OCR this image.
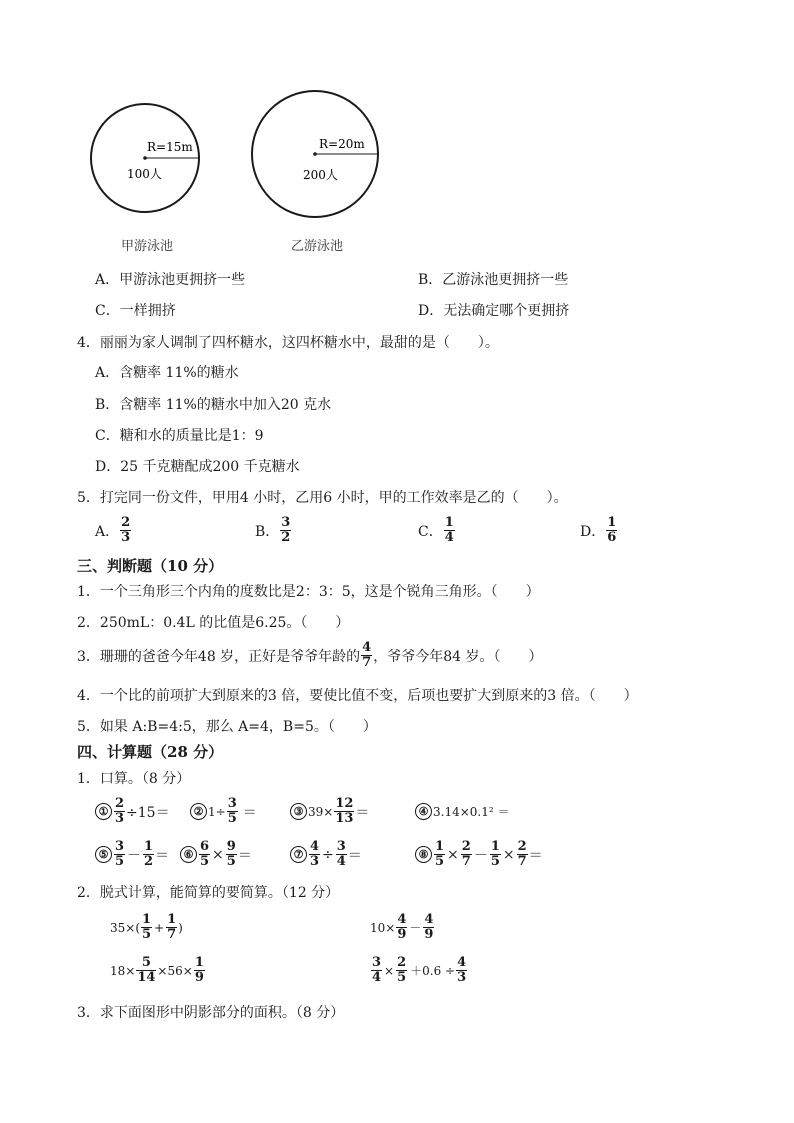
R=15m
100人
甲游泳池
R=20m
200人
乙游泳池
A．甲游泳池更拥挤一些	B．乙游泳池更拥挤一些
C．一样拥挤	D．无法确定哪个更拥挤
4．丽丽为家人调制了四杯糖水，这四杯糖水中，最甜的是（　　）。
A．含糖率 11%的糖水
B．含糖率 11%的糖水中加入20 克水
C．糖和水的质量比是1：9
D．25 千克糖配成200 千克糖水
5．打完同一份文件，甲用4 小时，乙用6 小时，甲的工作效率是乙的（　　）。
A． $\frac{2}{3}$	B． $\frac{3}{2}$	C． $\frac{1}{4}$	D． $\frac{1}{6}$
三、判断题（10 分）
1．一个三角形三个内角的度数比是2：3：5，这是个锐角三角形。（　　）
2．250mL：0.4L 的比值是6.25。（　　）
3．珊珊的爸爸今年48 岁，正好是爷爷年龄的 $\frac{4}{7}$ ，爷爷今年84 岁。（　　）
4．一个比的前项扩大到原来的3 倍，要使比值不变，后项也要扩大到原来的3 倍。（　　）
5．如果 A:B=4:5，那么 A=4，B=5。（　　）
四、计算题（28 分）
1．口算。（8 分）
① $\frac{2}{3} \div 15=$	② $1\div \frac{3}{5}$ ＝	③ $39\times \frac{12}{13}$ ＝	④ 3.14×0.1² ＝
⑤ $\frac{3}{5} - \frac{1}{2}$ ＝	⑥ $\frac{6}{5} \times \frac{9}{5}$ ＝	⑦ $\frac{4}{3} \div \frac{3}{4}$ ＝	⑧ $\frac{1}{5} \times \frac{2}{7} - \frac{1}{5} \times \frac{2}{7}$ ＝
2．脱式计算，能简算的要简算。（12 分）
$35\times( \frac{1}{5} + \frac{1}{7}$ )	$10\times \frac{4}{9} - \frac{4}{9}$
$18\times \frac{5}{14} \times 56\times \frac{1}{9}$	$\frac{3}{4} \times \frac{2}{5} +0.6 \div \frac{4}{3}$
3．求下面图形中阴影部分的面积。（8 分）
